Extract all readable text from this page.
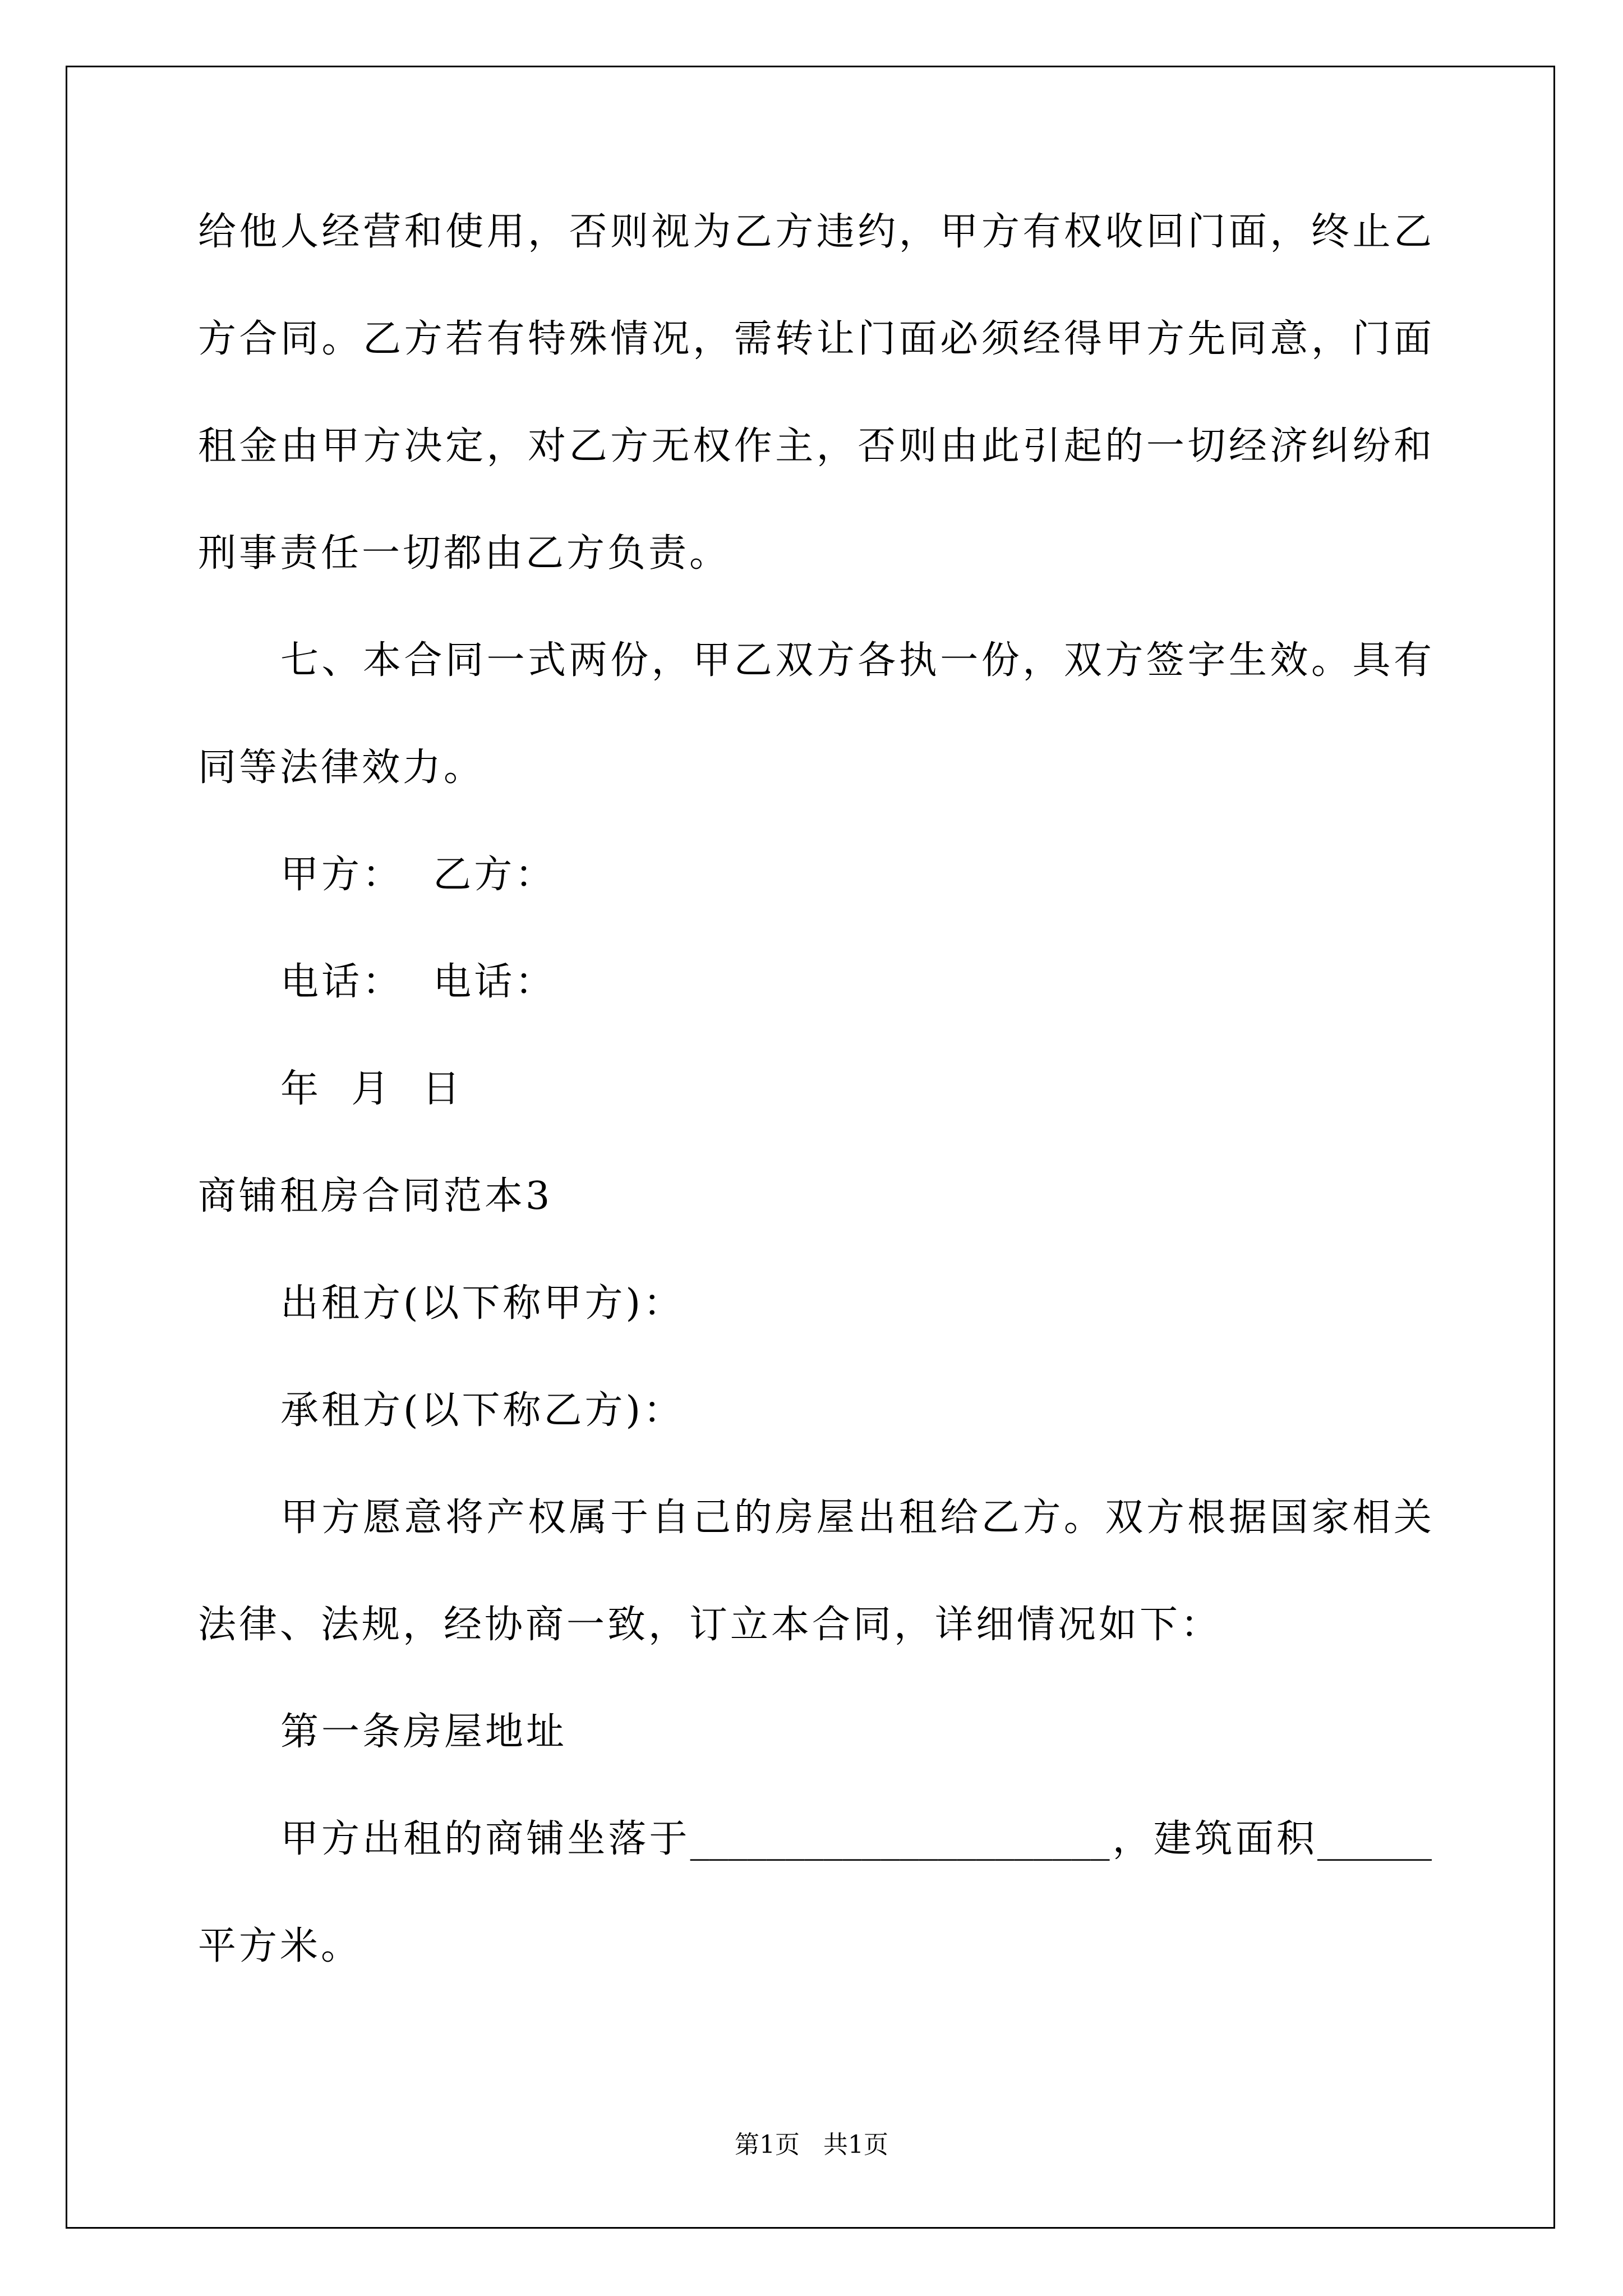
给他人经营和使用，否则视为乙方违约，甲方有权收回门面，终止乙
方合同。乙方若有特殊情况，需转让门面必须经得甲方先同意，门面
租金由甲方决定，对乙方无权作主，否则由此引起的一切经济纠纷和
刑事责任一切都由乙方负责。
七、本合同一式两份，甲乙双方各执一份，双方签字生效。具有
同等法律效力。
甲方：  乙方：
电话：  电话：
年  月  日
商铺租房合同范本3
出租方(以下称甲方)：
承租方(以下称乙方)：
甲方愿意将产权属于自己的房屋出租给乙方。双方根据国家相关
法律、法规，经协商一致，订立本合同，详细情况如下：
第一条房屋地址
甲方出租的商铺坐落于______________________，建筑面积______
平方米。
第1页   共1页
